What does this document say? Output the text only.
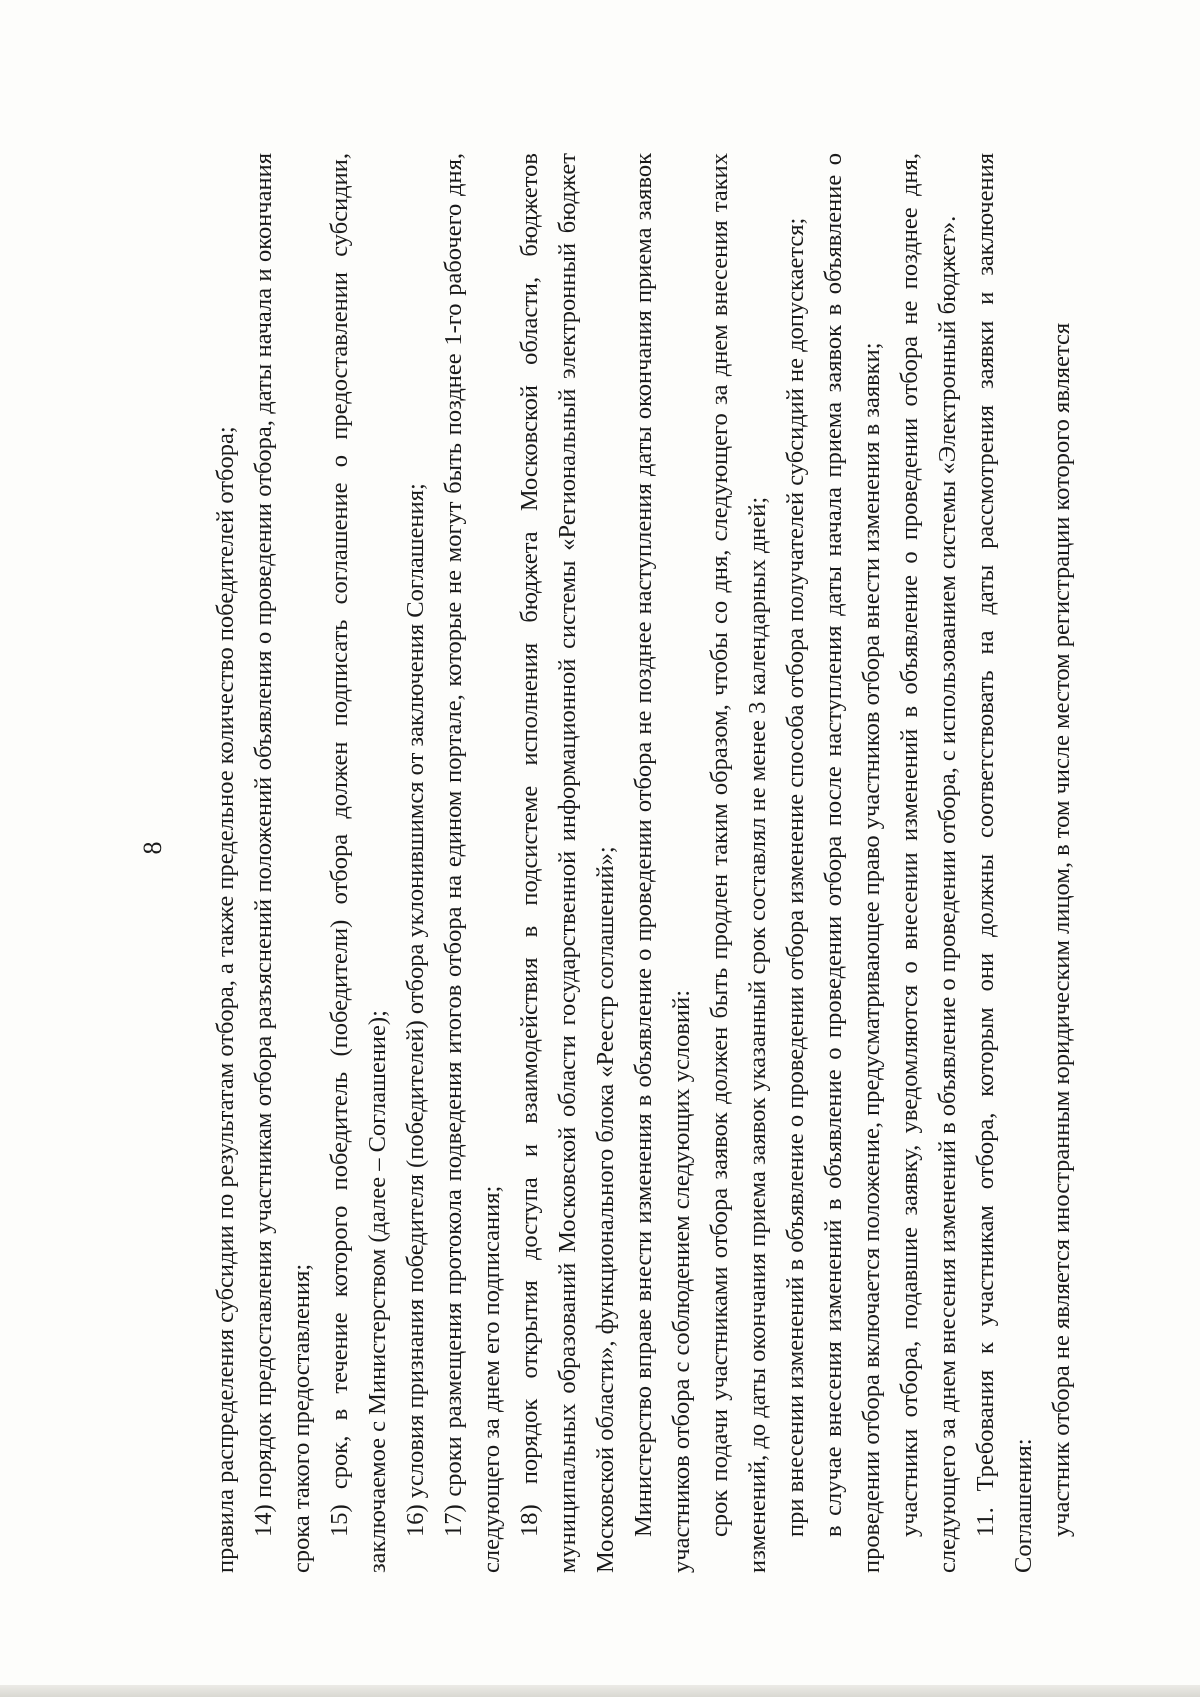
8 правила распределения субсидии по результатам отбора, а также предельное количество победителей отбора; 14) порядок предоставления участникам отбора разъяснений положений объявления о проведении отбора, даты начала и окончания срока такого предоставления; 15) срок, в течение которого победитель (победители) отбора должен подписать соглашение о предоставлении субсидии, заключаемое с Министерством (далее – Соглашение); 16) условия признания победителя (победителей) отбора уклонившимся от заключения Соглашения; 17) сроки размещения протокола подведения итогов отбора на едином портале, которые не могут быть позднее 1-го рабочего дня, следующего за днем его подписания; 18) порядок открытия доступа и взаимодействия в подсистеме исполнения бюджета Московской области, бюджетов муниципальных образований Московской области государственной информационной системы «Региональный электронный бюджет Московской области», функционального блока «Реестр соглашений»; Министерство вправе внести изменения в объявление о проведении отбора не позднее наступления даты окончания приема заявок участников отбора с соблюдением следующих условий: срок подачи участниками отбора заявок должен быть продлен таким образом, чтобы со дня, следующего за днем внесения таких изменений, до даты окончания приема заявок указанный срок составлял не менее 3 календарных дней; при внесении изменений в объявление о проведении отбора изменение способа отбора получателей субсидий не допускается; в случае внесения изменений в объявление о проведении отбора после наступления даты начала приема заявок в объявление о проведении отбора включается положение, предусматривающее право участников отбора внести изменения в заявки; участники отбора, подавшие заявку, уведомляются о внесении изменений в объявление о проведении отбора не позднее дня, следующего за днем внесения изменений в объявление о проведении отбора, с использованием системы «Электронный бюджет». 11. Требования к участникам отбора, которым они должны соответствовать на даты рассмотрения заявки и заключения Соглашения: участник отбора не является иностранным юридическим лицом, в том числе местом регистрации которого является
